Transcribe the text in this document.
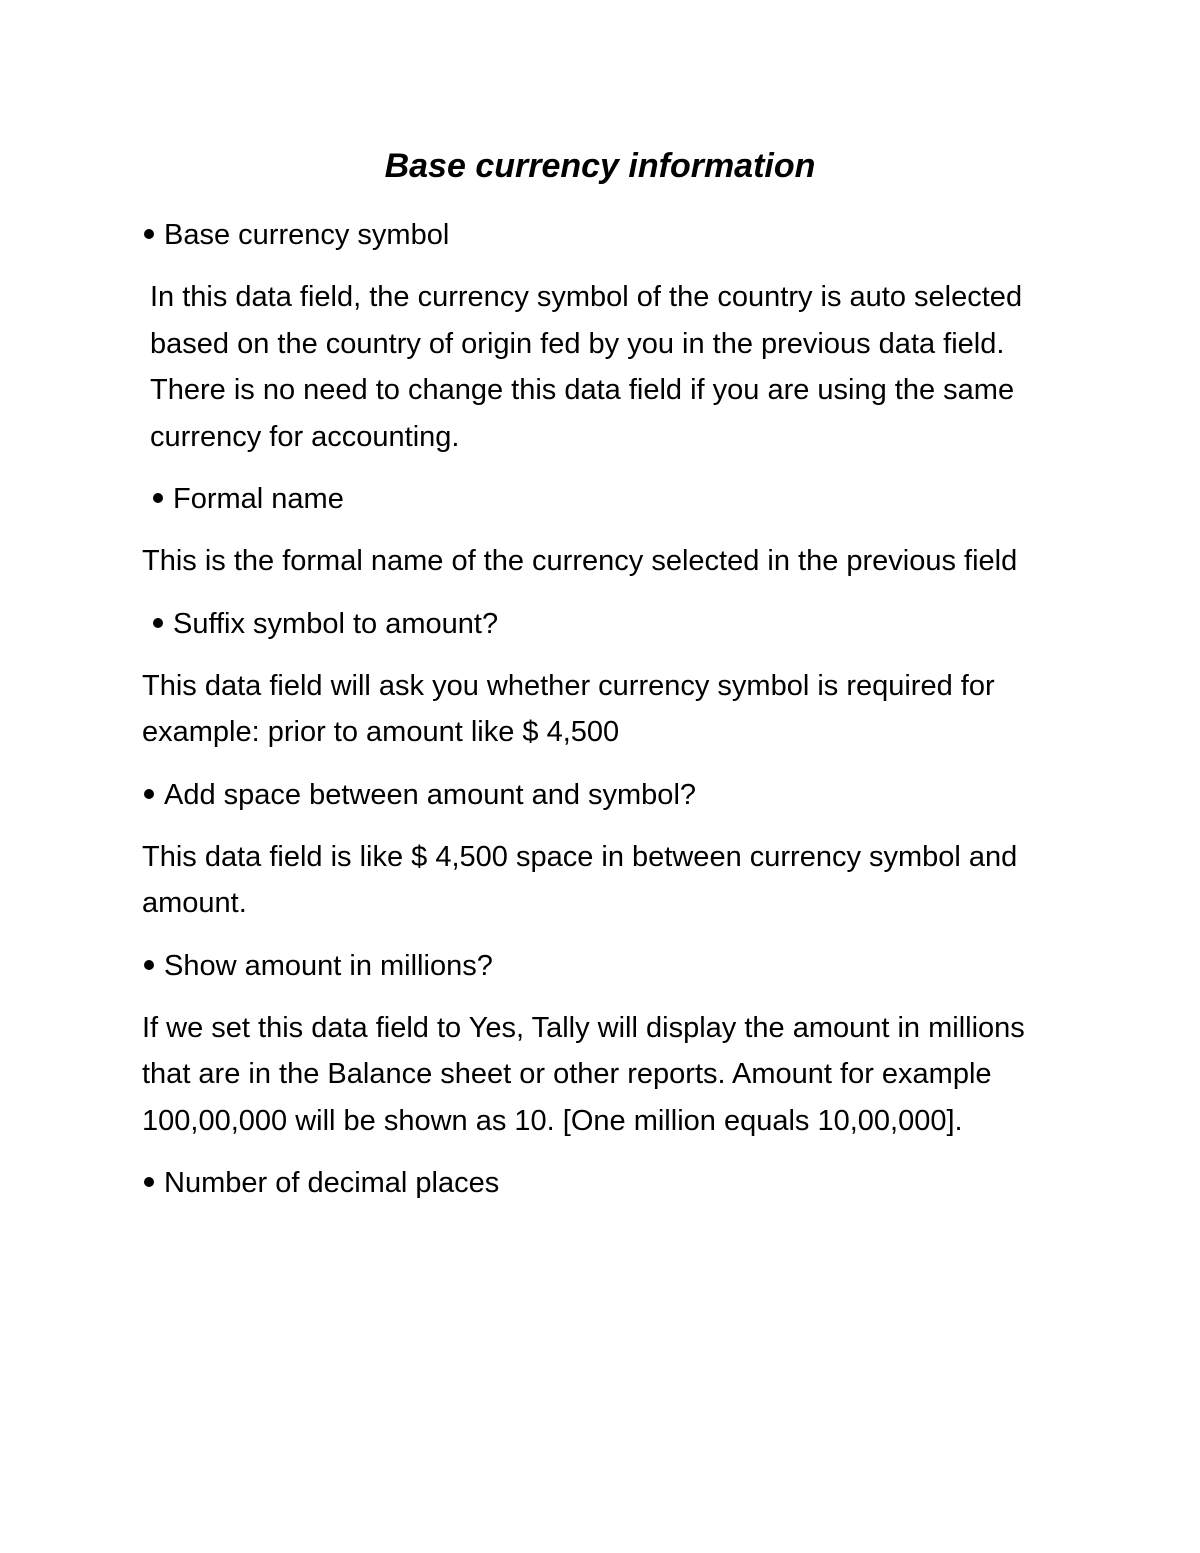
Base currency information
Base currency symbol

In this data field, the currency symbol of the country is auto selected based on the country of origin fed by you in the previous data field. There is no need to change this data field if you are using the same currency for accounting.

Formal name

This is the formal name of the currency selected in the previous field

Suffix symbol to amount?

This data field will ask you whether currency symbol is required for example: prior to amount like $ 4,500

Add space between amount and symbol?

This data field is like $ 4,500 space in between currency symbol and amount.

Show amount in millions?

If we set this data field to Yes, Tally will display the amount in millions that are in the Balance sheet or other reports. Amount for example 100,00,000 will be shown as 10. [One million equals 10,00,000].

Number of decimal places
